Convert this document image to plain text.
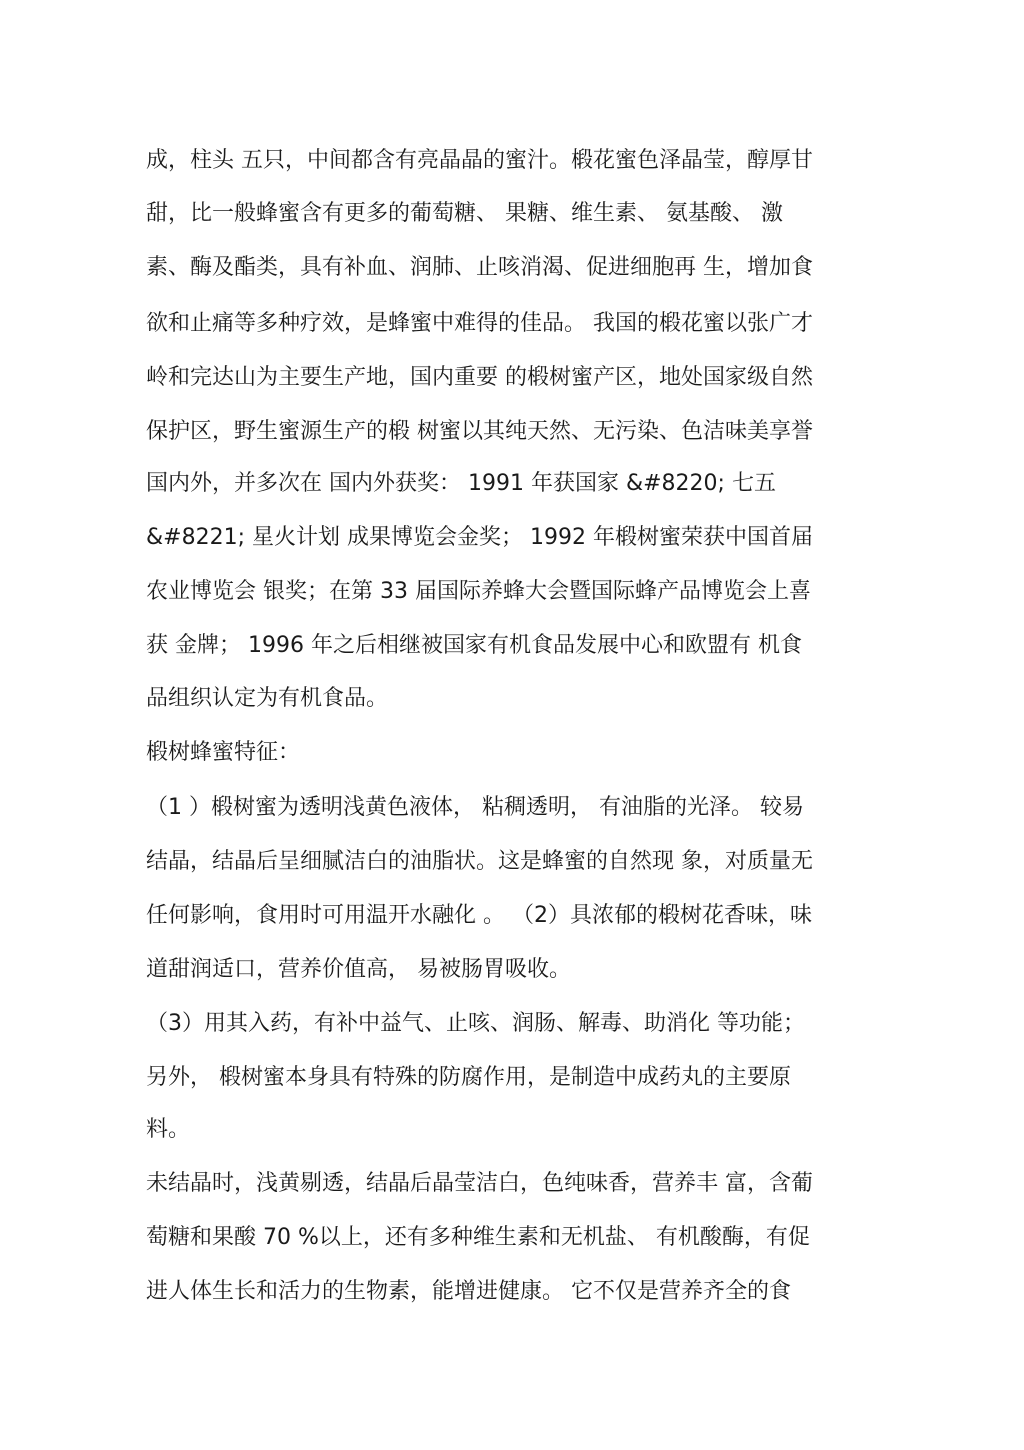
成，柱头 五只，中间都含有亮晶晶的蜜汁。椴花蜜色泽晶莹，醇厚甘
甜，比一般蜂蜜含有更多的葡萄糖、 果糖、维生素、 氨基酸、 激
素、酶及酯类，具有补血、润肺、止咳消渴、促进细胞再 生，增加食
欲和止痛等多种疗效，是蜂蜜中难得的佳品。 我国的椴花蜜以张广才
岭和完达山为主要生产地，国内重要 的椴树蜜产区，地处国家级自然
保护区，野生蜜源生产的椴 树蜜以其纯天然、无污染、色洁味美享誉
国内外，并多次在 国内外获奖： 1991 年获国家 &#8220; 七五
&#8221; 星火计划 成果博览会金奖； 1992 年椴树蜜荣获中国首届
农业博览会 银奖；在第 33 届国际养蜂大会暨国际蜂产品博览会上喜
获 金牌； 1996 年之后相继被国家有机食品发展中心和欧盟有 机食
品组织认定为有机食品。
椴树蜂蜜特征：
（1 ）椴树蜜为透明浅黄色液体， 粘稠透明， 有油脂的光泽。 较易
结晶，结晶后呈细腻洁白的油脂状。这是蜂蜜的自然现 象，对质量无
任何影响，食用时可用温开水融化 。 （2）具浓郁的椴树花香味，味
道甜润适口，营养价值高， 易被肠胃吸收。
（3）用其入药，有补中益气、止咳、润肠、解毒、助消化 等功能；
另外， 椴树蜜本身具有特殊的防腐作用，是制造中成药丸的主要原
料。
未结晶时，浅黄剔透，结晶后晶莹洁白，色纯味香，营养丰 富，含葡
萄糖和果酸 70 %以上，还有多种维生素和无机盐、 有机酸酶，有促
进人体生长和活力的生物素，能增进健康。 它不仅是营养齐全的食
